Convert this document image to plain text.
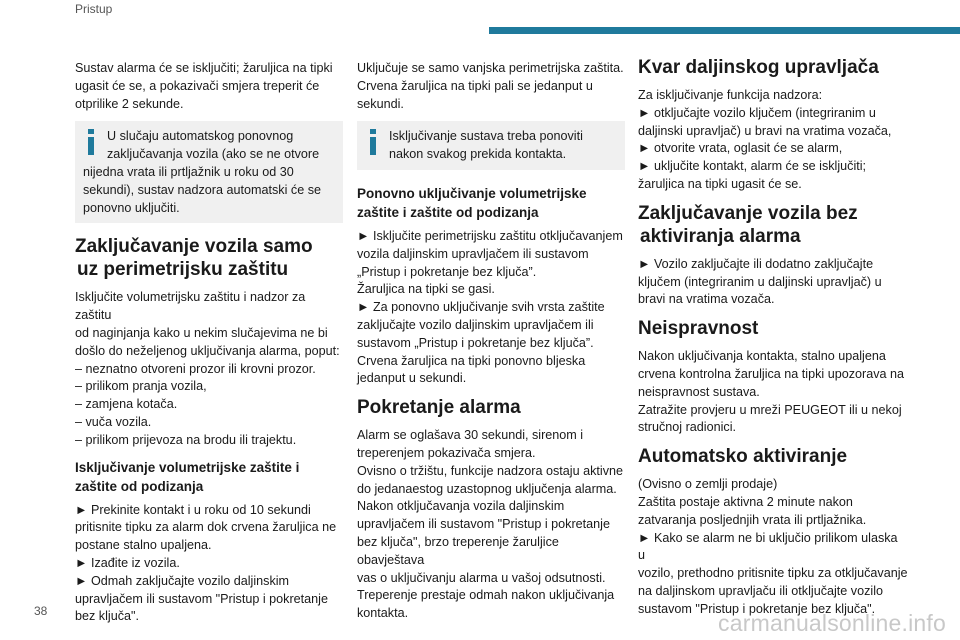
Pristup

Sustav alarma će se isključiti; žaruljica na tipki
ugasit će se, a pokazivači smjera treperit će
otprilike 2 sekunde.

U slučaju automatskog ponovnog
zaključavanja vozila (ako se ne otvore
nijedna vrata ili prtljažnik u roku od 30
sekundi), sustav nadzora automatski će se
ponovno uključiti.
Zaključavanje vozila samo
uz perimetrijsku zaštitu

Isključite volumetrijsku zaštitu i nadzor za zaštitu
od naginjanja kako u nekim slučajevima ne bi
došlo do neželjenog uključivanja alarma, poput:
– neznatno otvoreni prozor ili krovni prozor.
– prilikom pranja vozila,
– zamjena kotača.
– vuča vozila.
– prilikom prijevoza na brodu ili trajektu.

Isključivanje volumetrijske zaštite i
zaštite od podizanja

► Prekinite kontakt i u roku od 10 sekundi
pritisnite tipku za alarm dok crvena žaruljica ne
postane stalno upaljena.
► Izađite iz vozila.
► Odmah zaključajte vozilo daljinskim
upravljačem ili sustavom "Pristup i pokretanje
bez ključa".

Uključuje se samo vanjska perimetrijska zaštita.
Crvena žaruljica na tipki pali se jedanput u
sekundi.

Isključivanje sustava treba ponoviti
nakon svakog prekida kontakta.
Ponovno uključivanje volumetrijske
zaštite i zaštite od podizanja

► Isključite perimetrijsku zaštitu otključavanjem
vozila daljinskim upravljačem ili sustavom
„Pristup i pokretanje bez ključa”.
Žaruljica na tipki se gasi.
► Za ponovno uključivanje svih vrsta zaštite
zaključajte vozilo daljinskim upravljačem ili
sustavom „Pristup i pokretanje bez ključa”.
Crvena žaruljica na tipki ponovno bljeska
jedanput u sekundi.

Pokretanje alarma

Alarm se oglašava 30 sekundi, sirenom i
treperenjem pokazivača smjera.
Ovisno o tržištu, funkcije nadzora ostaju aktivne
do jedanaestog uzastopnog uključenja alarma.
Nakon otključavanja vozila daljinskim
upravljačem ili sustavom "Pristup i pokretanje
bez ključa", brzo treperenje žaruljice obavještava
vas o uključivanju alarma u vašoj odsutnosti.
Treperenje prestaje odmah nakon uključivanja
kontakta.

Kvar daljinskog upravljača

Za isključivanje funkcija nadzora:
► otključajte vozilo ključem (integriranim u
daljinski upravljač) u bravi na vratima vozača,
► otvorite vrata, oglasit će se alarm,
► uključite kontakt, alarm će se isključiti;
žaruljica na tipki ugasit će se.

Zaključavanje vozila bez
aktiviranja alarma

► Vozilo zaključajte ili dodatno zaključajte
ključem (integriranim u daljinski upravljač) u
bravi na vratima vozača.

Neispravnost

Nakon uključivanja kontakta, stalno upaljena
crvena kontrolna žaruljica na tipki upozorava na
neispravnost sustava.
Zatražite provjeru u mreži PEUGEOT ili u nekoj
stručnoj radionici.

Automatsko aktiviranje

(Ovisno o zemlji prodaje)
Zaštita postaje aktivna 2 minute nakon
zatvaranja posljednjih vrata ili prtljažnika.
► Kako se alarm ne bi uključio prilikom ulaska u
vozilo, prethodno pritisnite tipku za otključavanje
na daljinskom upravljaču ili otključajte vozilo
sustavom "Pristup i pokretanje bez ključa".

38	carmanualsonline.info
